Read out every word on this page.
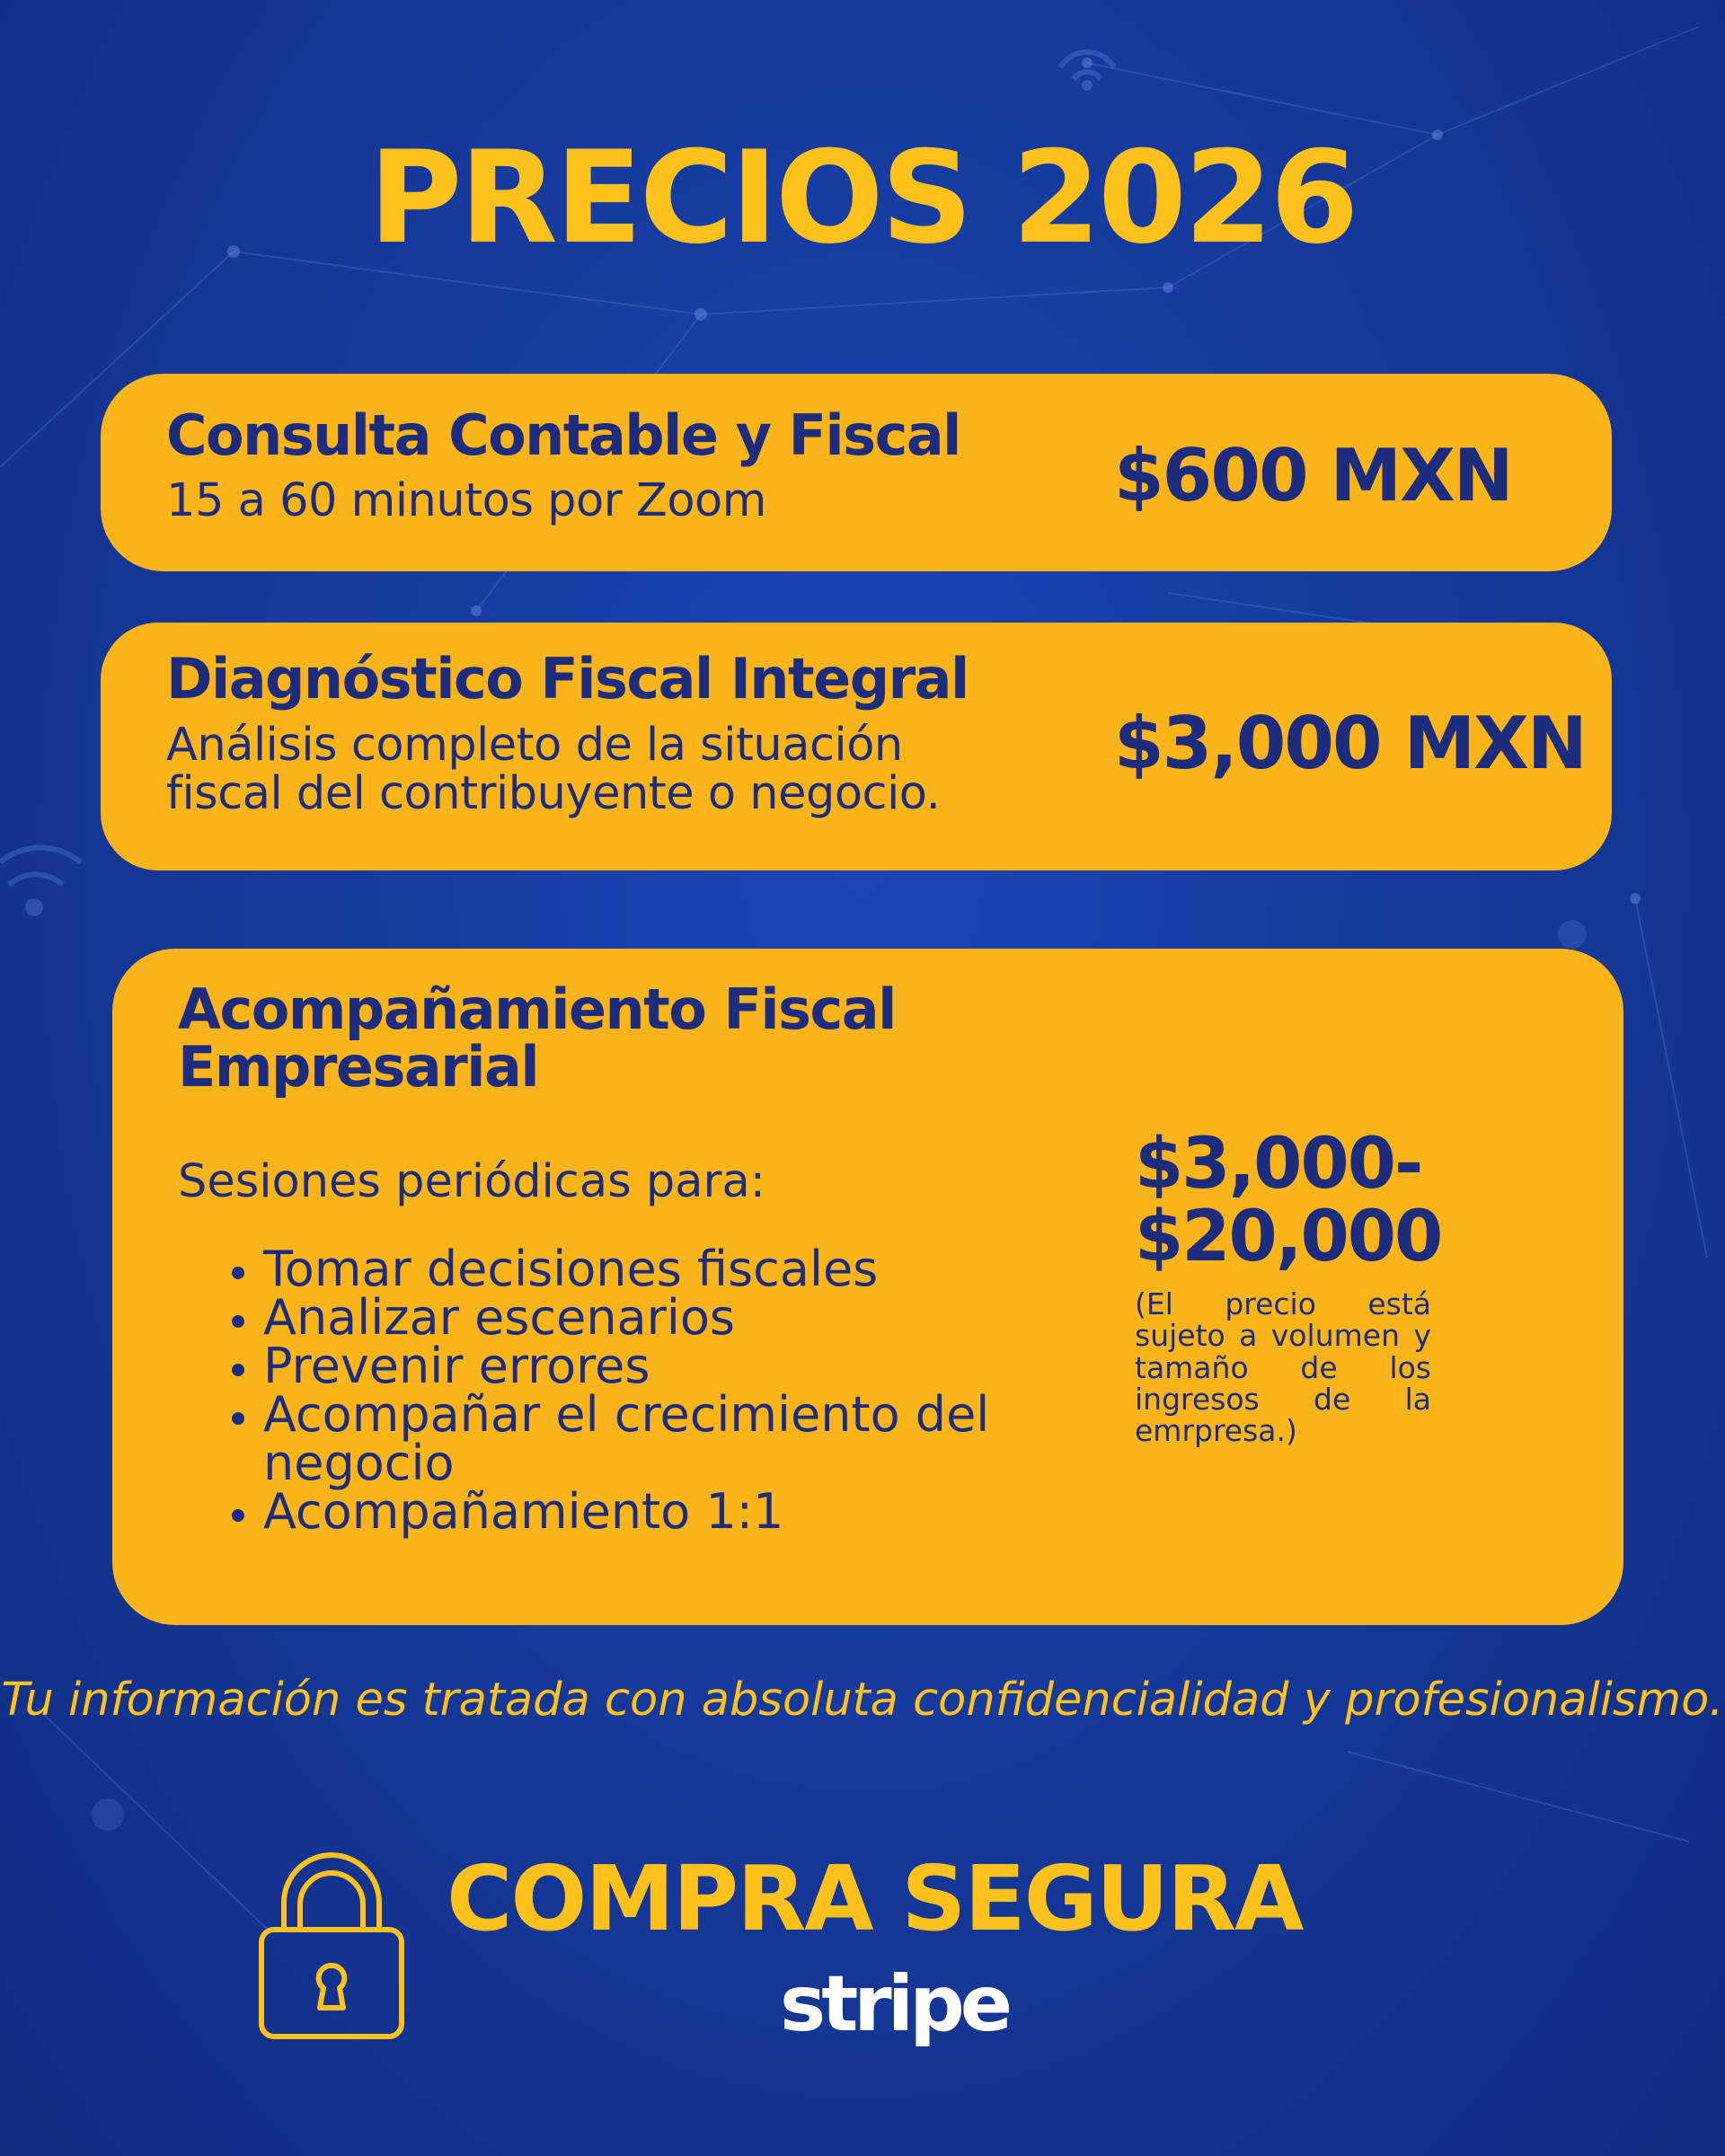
PRECIOS 2026
Consulta Contable y Fiscal
15 a 60 minutos por Zoom	$600 MXN
Diagnóstico Fiscal Integral
Análisis completo de la situación fiscal del contribuyente o negocio.
$3,000 MXN
Acompañamiento Fiscal Empresarial
Sesiones periódicas para:
• Tomar decisiones fiscales
• Analizar escenarios
• Prevenir errores
• Acompañar el crecimiento del negocio
• Acompañamiento 1:1
$3,000-
$20,000
(El precio está sujeto a volumen y tamaño de los ingresos de la emrpresa.)
Tu información es tratada con absoluta confidencialidad y profesionalismo.
COMPRA SEGURA
stripe
